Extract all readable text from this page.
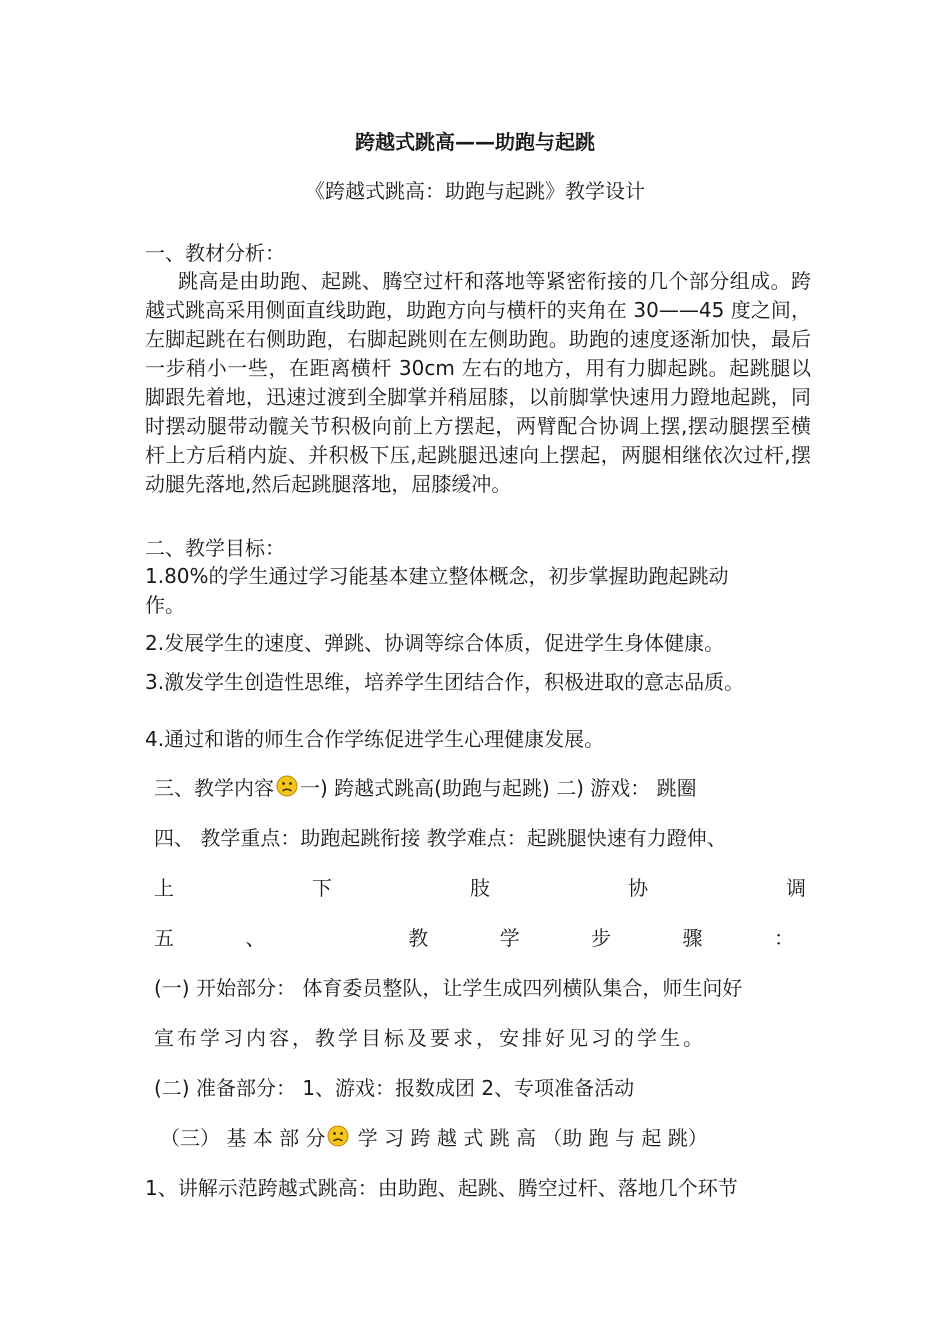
跨越式跳高——助跑与起跳
《跨越式跳高：助跑与起跳》教学设计
一、教材分析：
跳高是由助跑、起跳、腾空过杆和落地等紧密衔接的几个部分组成。跨越式跳高采用侧面直线助跑，助跑方向与横杆的夹角在 30——45 度之间，左脚起跳在右侧助跑，右脚起跳则在左侧助跑。助跑的速度逐渐加快，最后一步稍小一些，在距离横杆 30cm 左右的地方，用有力脚起跳。起跳腿以脚跟先着地，迅速过渡到全脚掌并稍屈膝，以前脚掌快速用力蹬地起跳，同时摆动腿带动髋关节积极向前上方摆起，两臂配合协调上摆,摆动腿摆至横杆上方后稍内旋、并积极下压,起跳腿迅速向上摆起，两腿相继依次过杆,摆动腿先落地,然后起跳腿落地，屈膝缓冲。
二、教学目标：
1.80%的学生通过学习能基本建立整体概念，初步掌握助跑起跳动
作。
2.发展学生的速度、弹跳、协调等综合体质，促进学生身体健康。
3.激发学生创造性思维，培养学生团结合作，积极进取的意志品质。
4.通过和谐的师生合作学练促进学生心理健康发展。
三、教学内容 一) 跨越式跳高(助跑与起跳) 二) 游戏： 跳圈
四、 教学重点：助跑起跳衔接 教学难点：起跳腿快速有力蹬伸、
上	下	肢	协	调
五	、	教	学	步	骤	：
(一) 开始部分： 体育委员整队，让学生成四列横队集合，师生问好
宣布学习内容，教学目标及要求，安排好见习的学生。
(二) 准备部分： 1、游戏：报数成团 2、专项准备活动
（三） 基 本 部 分 学 习 跨 越 式 跳 高 （助 跑 与 起 跳）
1、讲解示范跨越式跳高：由助跑、起跳、腾空过杆、落地几个环节
